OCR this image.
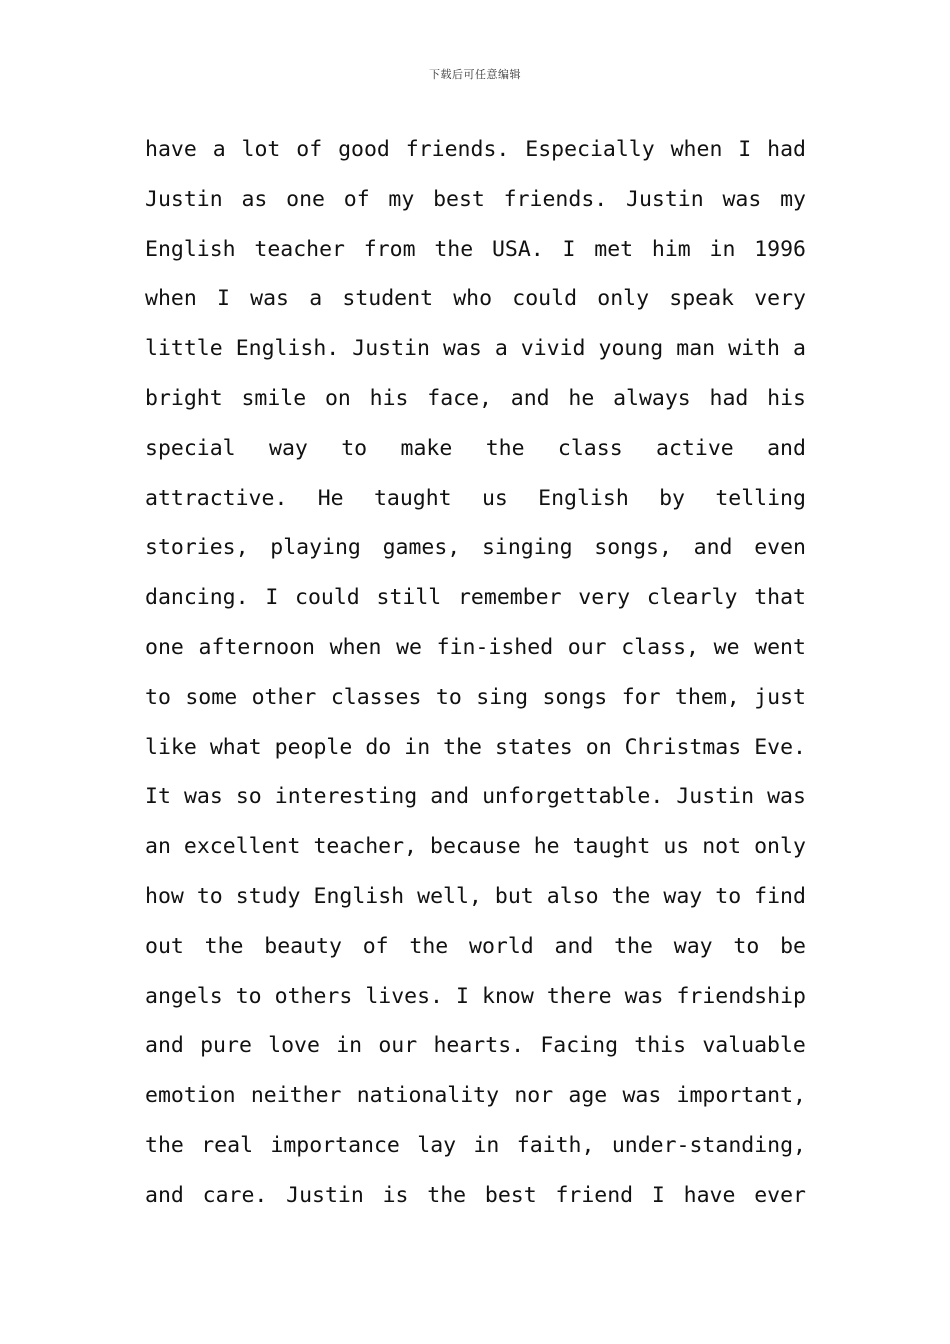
下载后可任意编辑
have a lot of good friends. Especially when I had
Justin as one of my best friends. Justin was my
English teacher from the USA. I met him in 1996
when I was a student who could only speak very
little English. Justin was a vivid young man with a
bright smile on his face, and he always had his
special way to make the class active and
attractive. He taught us English by telling
stories, playing games, singing songs, and even
dancing. I could still remember very clearly that
one afternoon when we fin-ished our class, we went
to some other classes to sing songs for them, just
like what people do in the states on Christmas Eve.
It was so interesting and unforgettable. Justin was
an excellent teacher, because he taught us not only
how to study English well, but also the way to find
out the beauty of the world and the way to be
angels to others lives. I know there was friendship
and pure love in our hearts. Facing this valuable
emotion neither nationality nor age was important,
the real importance lay in faith, under-standing,
and care. Justin is the best friend I have ever
